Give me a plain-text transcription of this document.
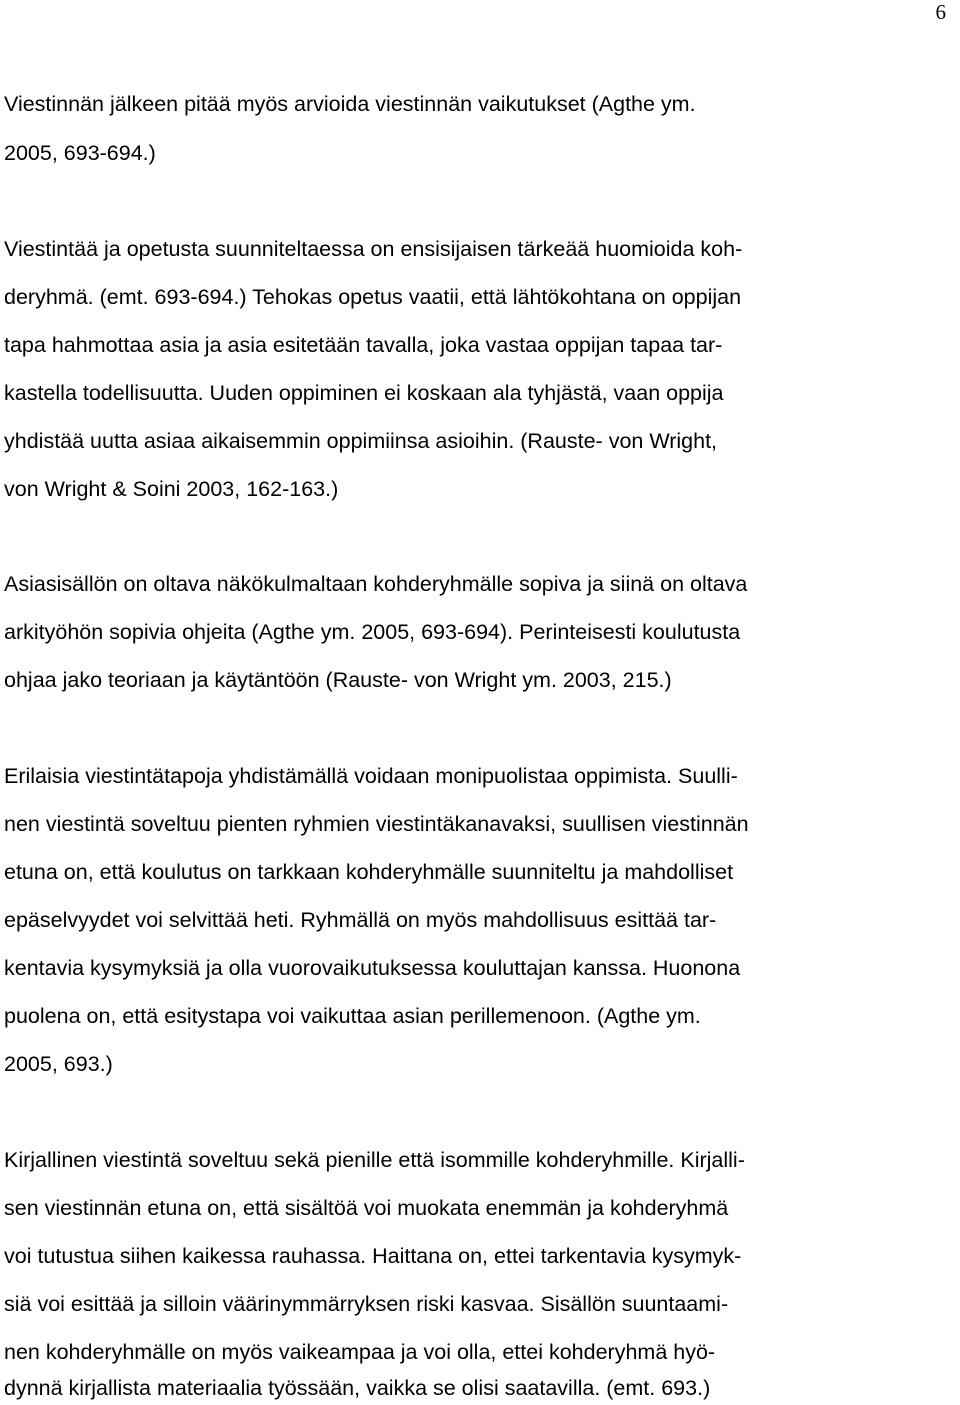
6

Viestinnän jälkeen pitää myös arvioida viestinnän vaikutukset (Agthe ym.

2005, 693-694.)

Viestintää ja opetusta suunniteltaessa on ensisijaisen tärkeää huomioida koh-

deryhmä. (emt. 693-694.) Tehokas opetus vaatii, että lähtökohtana on oppijan

tapa hahmottaa asia ja asia esitetään tavalla, joka vastaa oppijan tapaa tar-

kastella todellisuutta. Uuden oppiminen ei koskaan ala tyhjästä, vaan oppija

yhdistää uutta asiaa aikaisemmin oppimiinsa asioihin. (Rauste- von Wright,

von Wright & Soini 2003, 162-163.)

Asiasisällön on oltava näkökulmaltaan kohderyhmälle sopiva ja siinä on oltava

arkityöhön sopivia ohjeita (Agthe ym. 2005, 693-694). Perinteisesti koulutusta

ohjaa jako teoriaan ja käytäntöön (Rauste- von Wright ym. 2003, 215.)

Erilaisia viestintätapoja yhdistämällä voidaan monipuolistaa oppimista. Suulli-

nen viestintä soveltuu pienten ryhmien viestintäkanavaksi, suullisen viestinnän

etuna on, että koulutus on tarkkaan kohderyhmälle suunniteltu ja mahdolliset

epäselvyydet voi selvittää heti. Ryhmällä on myös mahdollisuus esittää tar-

kentavia kysymyksiä ja olla vuorovaikutuksessa kouluttajan kanssa. Huonona

puolena on, että esitystapa voi vaikuttaa asian perillemenoon. (Agthe ym.

2005, 693.)

Kirjallinen viestintä soveltuu sekä pienille että isommille kohderyhmille. Kirjalli-

sen viestinnän etuna on, että sisältöä voi muokata enemmän ja kohderyhmä

voi tutustua siihen kaikessa rauhassa. Haittana on, ettei tarkentavia kysymyk-

siä voi esittää ja silloin väärinymmärryksen riski kasvaa. Sisällön suuntaami-

nen kohderyhmälle on myös vaikeampaa ja voi olla, ettei kohderyhmä hyö-

dynnä kirjallista materiaalia työssään, vaikka se olisi saatavilla. (emt. 693.)
